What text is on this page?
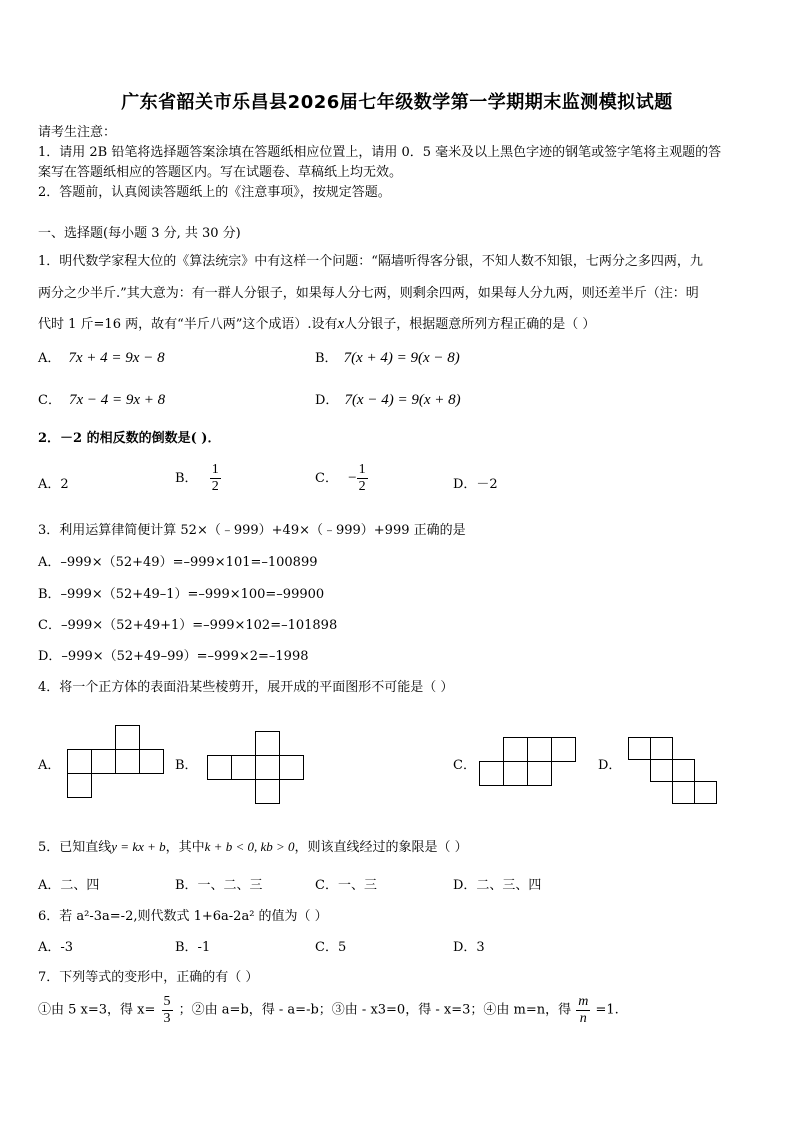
广东省韶关市乐昌县2026届七年级数学第一学期期末监测模拟试题
请考生注意：
1．请用 2B 铅笔将选择题答案涂填在答题纸相应位置上，请用 0．5 毫米及以上黑色字迹的钢笔或签字笔将主观题的答
案写在答题纸相应的答题区内。写在试题卷、草稿纸上均无效。
2．答题前，认真阅读答题纸上的《注意事项》，按规定答题。
一、选择题(每小题 3 分, 共 30 分)
1．明代数学家程大位的《算法统宗》中有这样一个问题：“隔墙听得客分银，不知人数不知银，七两分之多四两，九
两分之少半斤.”其大意为：有一群人分银子，如果每人分七两，则剩余四两，如果每人分九两，则还差半斤（注：明
代时 1 斤=16 两，故有“半斤八两”这个成语）.设有x人分银子，根据题意所列方程正确的是（ ）
A． 7x + 4 = 9x − 8	B． 7(x + 4) = 9(x − 8)
C． 7x − 4 = 9x + 8	D． 7(x − 4) = 9(x + 8)
2．－2 的相反数的倒数是( )．
A．2	B． $\frac{1}{2}$	C． − $\frac{1}{2}$	D．－2
3．利用运算律简便计算 52×（﹣999）+49×（﹣999）+999 正确的是
A．–999×（52+49）=–999×101=–100899
B．–999×（52+49–1）=–999×100=–99900
C．–999×（52+49+1）=–999×102=–101898
D．–999×（52+49–99）=–999×2=–1998
4．将一个正方体的表面沿某些棱剪开，展开成的平面图形不可能是（ ）
A．	B．	C．	D．
5．已知直线y = kx + b，其中k + b < 0, kb > 0，则该直线经过的象限是（ ）
A．二、四	B．一、二、三	C．一、三	D．二、三、四
6．若 a²-3a=-2,则代数式 1+6a-2a² 的值为（ ）
A．-3	B．-1	C．5	D．3
7．下列等式的变形中，正确的有（ ）
①由 5 x=3，得 $x= \frac{5}{3}$ ；②由 a=b，得 - a=-b；③由 - x3=0，得 - x=3；④由 m=n，得 $\frac{m}{n} =1$.
